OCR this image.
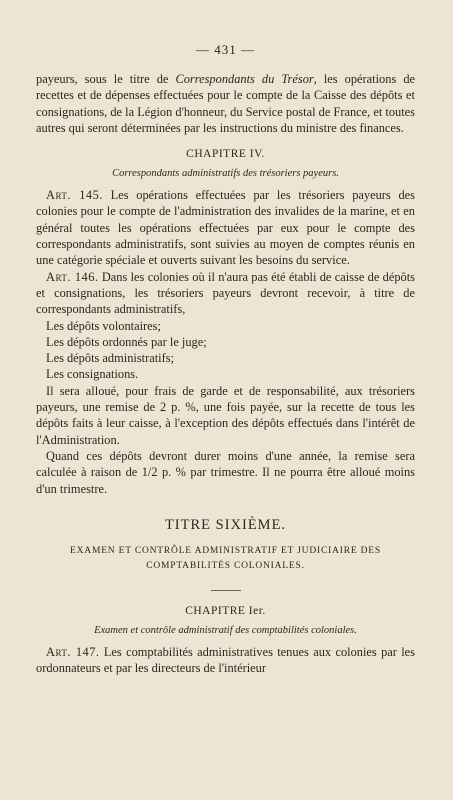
— 431 —

payeurs, sous le titre de Correspondants du Trésor, les opérations de recettes et de dépenses effectuées pour le compte de la Caisse des dépôts et consignations, de la Légion d'honneur, du Service postal de France, et toutes autres qui seront déterminées par les instructions du ministre des finances.

CHAPITRE IV.
Correspondants administratifs des trésoriers payeurs.

Art. 145. Les opérations effectuées par les trésoriers payeurs des colonies pour le compte de l'administration des invalides de la marine, et en général toutes les opérations effectuées par eux pour le compte des correspondants administratifs, sont suivies au moyen de comptes réunis en une catégorie spéciale et ouverts suivant les besoins du service.

Art. 146. Dans les colonies où il n'aura pas été établi de caisse de dépôts et consignations, les trésoriers payeurs devront recevoir, à titre de correspondants administratifs,

Les dépôts volontaires;

Les dépôts ordonnés par le juge;

Les dépôts administratifs;

Les consignations.

Il sera alloué, pour frais de garde et de responsabilité, aux trésoriers payeurs, une remise de 2 p. %, une fois payée, sur la recette de tous les dépôts faits à leur caisse, à l'exception des dépôts effectués dans l'intérêt de l'Administration.

Quand ces dépôts devront durer moins d'une année, la remise sera calculée à raison de 1/2 p. % par trimestre. Il ne pourra être alloué moins d'un trimestre.

TITRE SIXIÈME.
EXAMEN ET CONTRÔLE ADMINISTRATIF ET JUDICIAIRE DES COMPTABILITÉS COLONIALES.
CHAPITRE Ier.
Examen et contrôle administratif des comptabilités coloniales.

Art. 147. Les comptabilités administratives tenues aux colonies par les ordonnateurs et par les directeurs de l'intérieur
